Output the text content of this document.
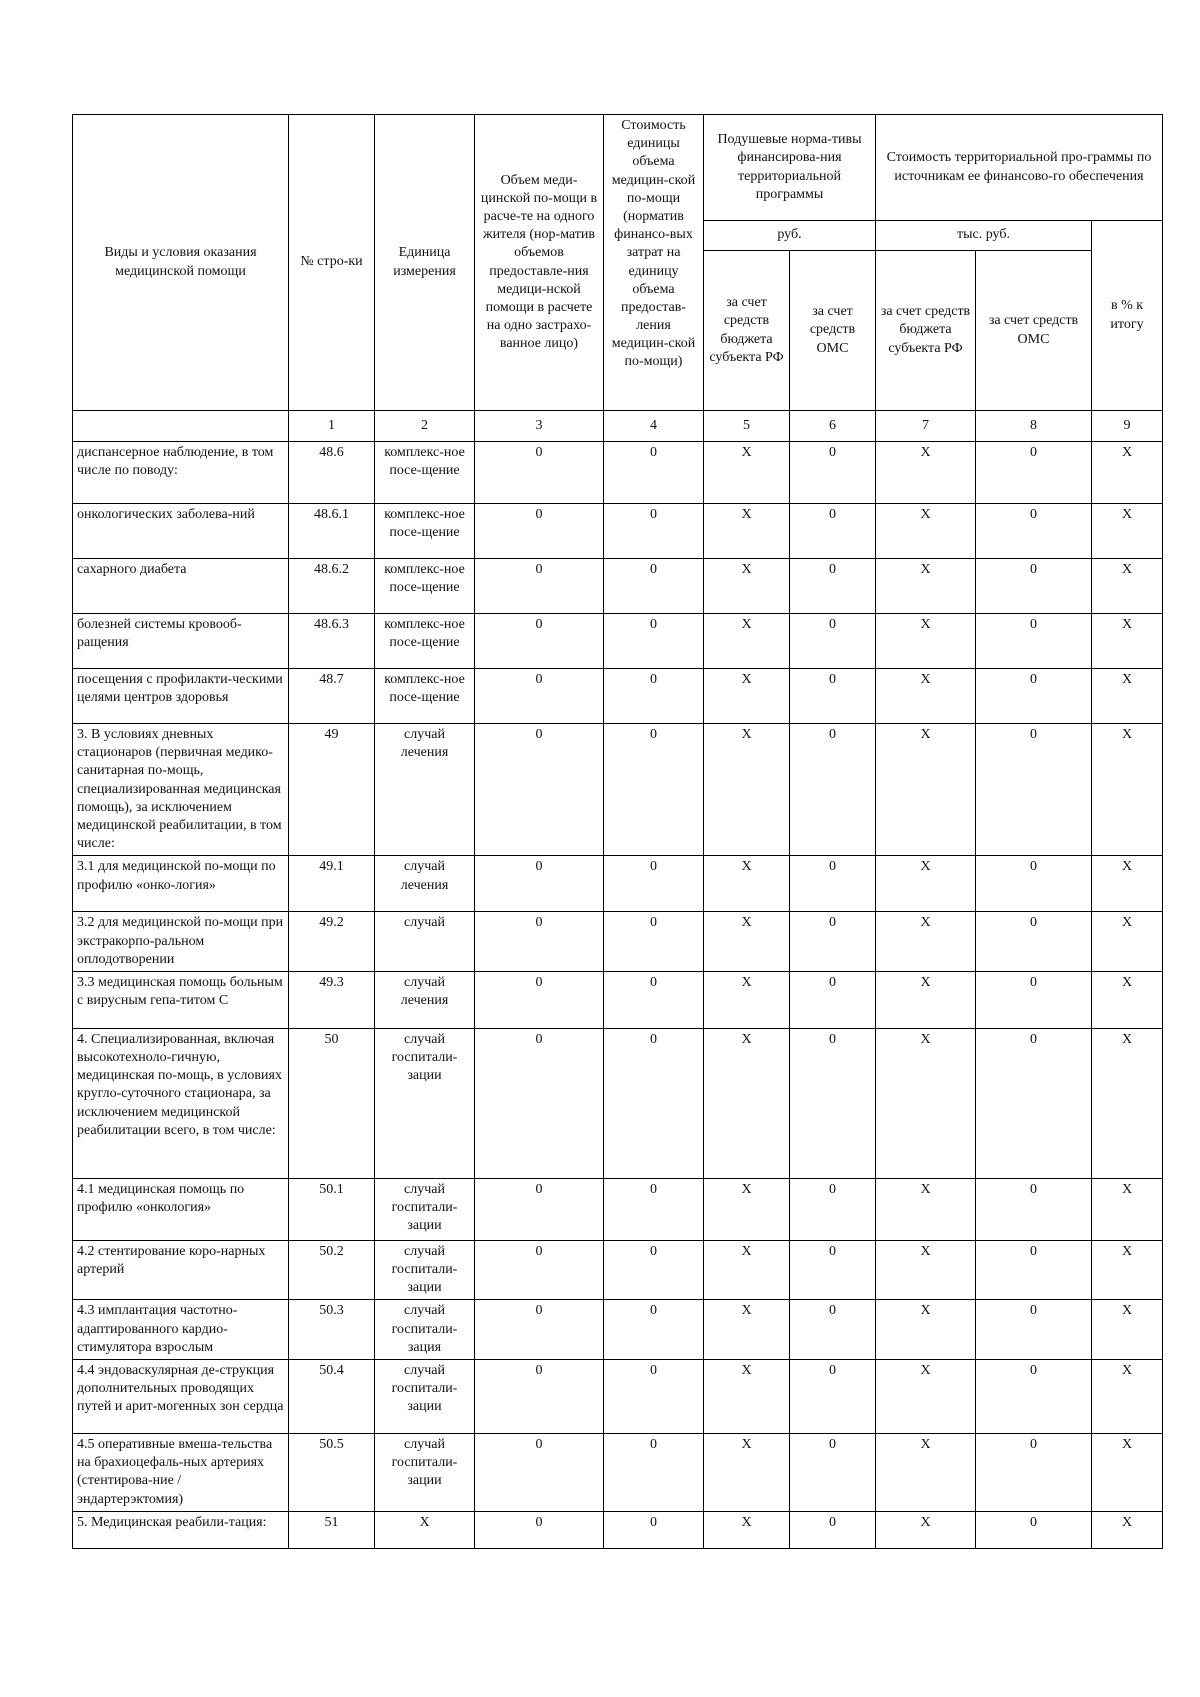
Виды и условия оказания медицинской помощи	№ стро-ки	Единица измерения	Объем меди-цинской по-мощи в расче-те на одного жителя (нор-матив объемов предоставле-ния медици-нской помощи в расчете на одно застрахо-ванное лицо)	Стоимость единицы объема медицин-ской по-мощи (норматив финансо-вых затрат на единицу объема предостав-ления медицин-ской по-мощи)	Подушевые норма-тивы финансирова-ния территориальной программы		Стоимость территориальной про-граммы по источникам ее финансово-го обеспечения		
					руб.		тыс. руб.		в % к итогу
					за счет средств бюджета субъекта РФ	за счет средств ОМС	за счет средств бюджета субъекта РФ	за счет средств ОМС	
	1	2	3	4	5	6	7	8	9
диспансерное наблюдение, в том числе по поводу:	48.6	комплекс-ное посе-щение	0	0	X	0	X	0	X
онкологических заболева-ний	48.6.1	комплекс-ное посе-щение	0	0	X	0	X	0	X
сахарного диабета	48.6.2	комплекс-ное посе-щение	0	0	X	0	X	0	X
болезней системы кровооб-ращения	48.6.3	комплекс-ное посе-щение	0	0	X	0	X	0	X
посещения с профилакти-ческими целями центров здоровья	48.7	комплекс-ное посе-щение	0	0	X	0	X	0	X
3. В условиях дневных стационаров (первичная медико-санитарная по-мощь, специализированная медицинская помощь), за исключением медицинской реабилитации, в том числе:	49	случай лечения	0	0	X	0	X	0	X
3.1 для медицинской по-мощи по профилю «онко-логия»	49.1	случай лечения	0	0	X	0	X	0	X
3.2 для медицинской по-мощи при экстракорпо-ральном оплодотворении	49.2	случай	0	0	X	0	X	0	X
3.3 медицинская помощь больным с вирусным гепа-титом С	49.3	случай лечения	0	0	X	0	X	0	X
4. Специализированная, включая высокотехноло-гичную, медицинская по-мощь, в условиях кругло-суточного стационара, за исключением медицинской реабилитации всего, в том числе:	50	случай госпитали-зации	0	0	X	0	X	0	X
4.1 медицинская помощь по профилю «онкология»	50.1	случай госпитали-зации	0	0	X	0	X	0	X
4.2 стентирование коро-нарных артерий	50.2	случай госпитали-зации	0	0	X	0	X	0	X
4.3 имплантация частотно-адаптированного кардио-стимулятора взрослым	50.3	случай госпитали-зация	0	0	X	0	X	0	X
4.4 эндоваскулярная де-струкция дополнительных проводящих путей и арит-могенных зон сердца	50.4	случай госпитали-зации	0	0	X	0	X	0	X
4.5 оперативные вмеша-тельства на брахиоцефаль-ных артериях (стентирова-ние / эндартерэктомия)	50.5	случай госпитали-зации	0	0	X	0	X	0	X
5. Медицинская реабили-тация:	51	X	0	0	X	0	X	0	X
